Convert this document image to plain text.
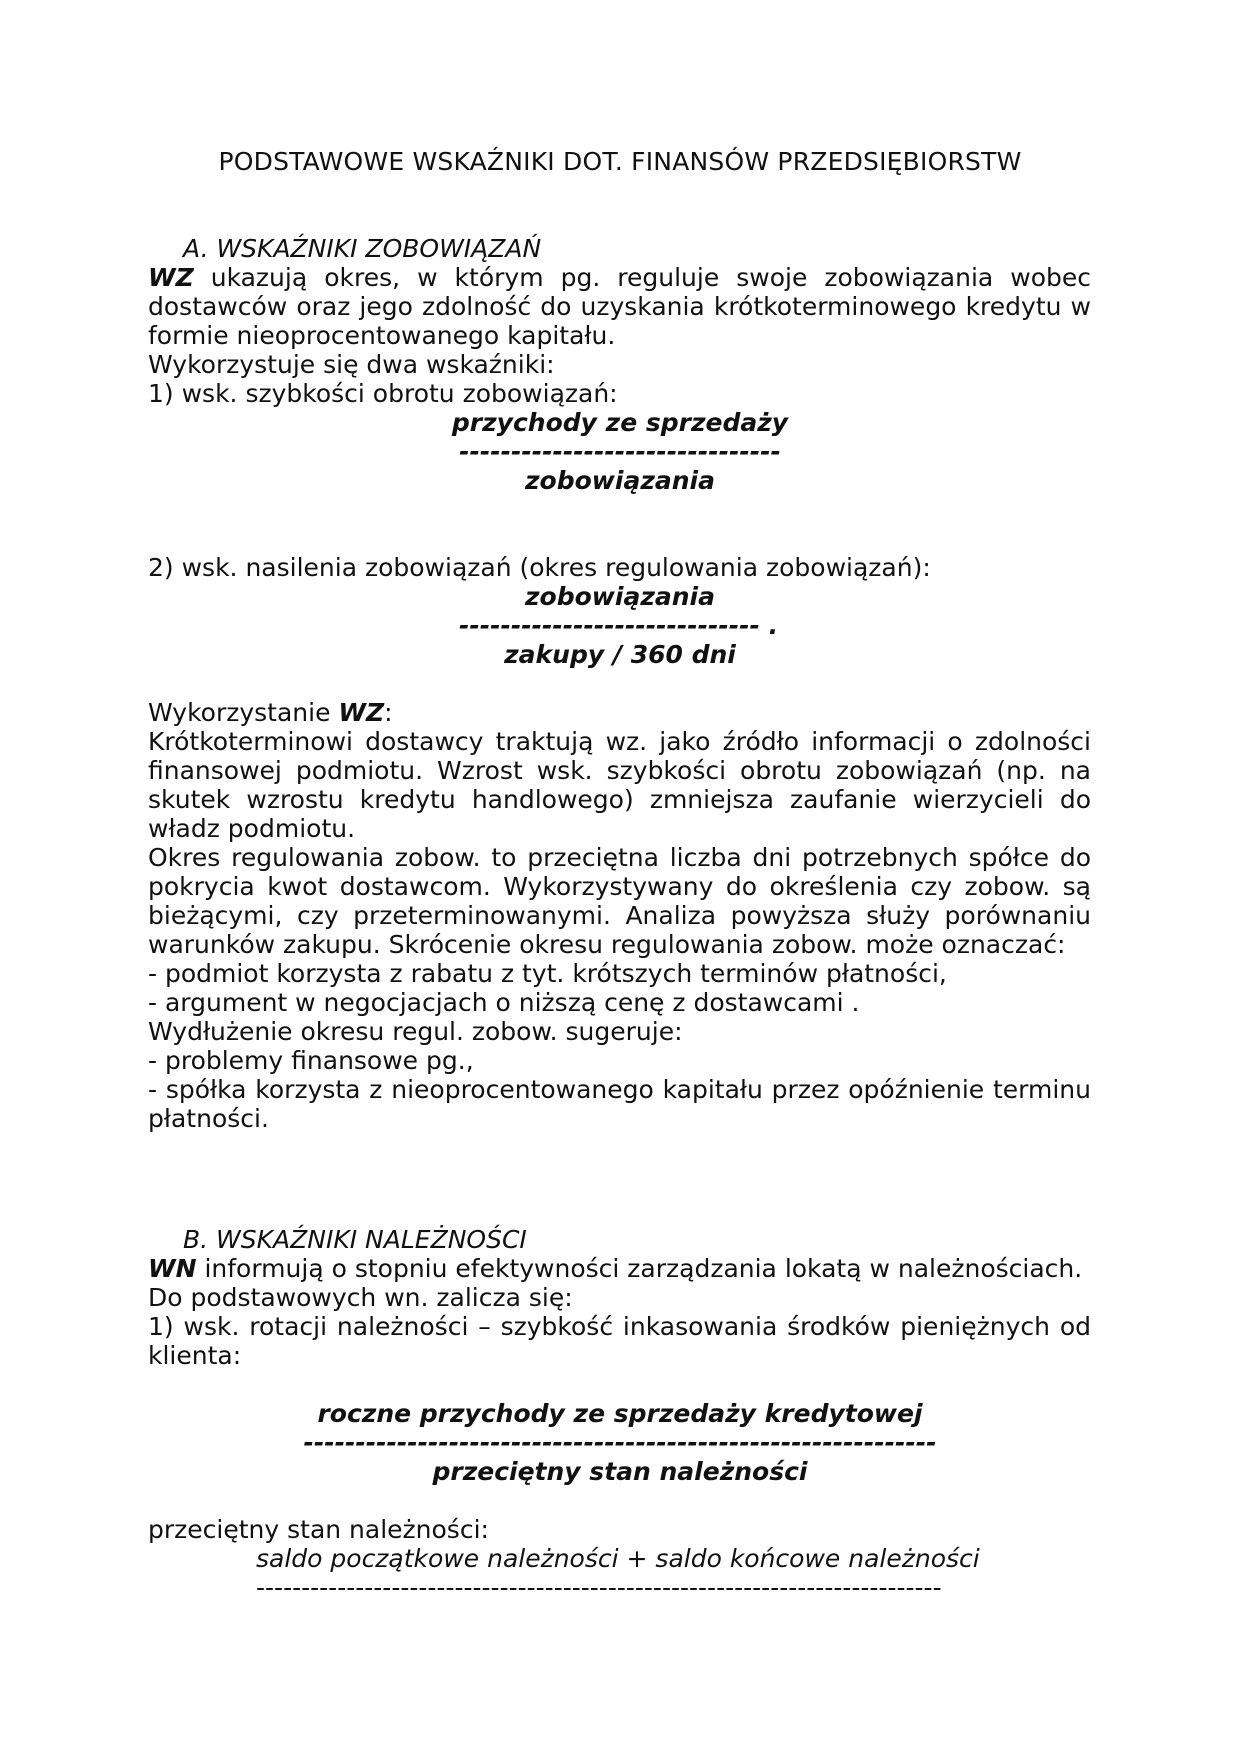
PODSTAWOWE WSKAŹNIKI DOT. FINANSÓW PRZEDSIĘBIORSTW
A. WSKAŹNIKI ZOBOWIĄZAŃ
WZ ukazują okres, w którym pg. reguluje swoje zobowiązania wobec
dostawców oraz jego zdolność do uzyskania krótkoterminowego kredytu w
formie nieoprocentowanego kapitału.
Wykorzystuje się dwa wskaźniki:
1) wsk. szybkości obrotu zobowiązań:
przychody ze sprzedaży
-------------------------------
zobowiązania
2) wsk. nasilenia zobowiązań (okres regulowania zobowiązań):
zobowiązania
----------------------------- .
zakupy / 360 dni
Wykorzystanie WZ:
Krótkoterminowi dostawcy traktują wz. jako źródło informacji o zdolności
finansowej podmiotu. Wzrost wsk. szybkości obrotu zobowiązań (np. na
skutek wzrostu kredytu handlowego) zmniejsza zaufanie wierzycieli do
władz podmiotu.
Okres regulowania zobow. to przeciętna liczba dni potrzebnych spółce do
pokrycia kwot dostawcom. Wykorzystywany do określenia czy zobow. są
bieżącymi, czy przeterminowanymi. Analiza powyższa służy porównaniu
warunków zakupu. Skrócenie okresu regulowania zobow. może oznaczać:
- podmiot korzysta z rabatu z tyt. krótszych terminów płatności,
- argument w negocjacjach o niższą cenę z dostawcami .
Wydłużenie okresu regul. zobow. sugeruje:
- problemy finansowe pg.,
- spółka korzysta z nieoprocentowanego kapitału przez opóźnienie terminu
płatności.
B. WSKAŹNIKI NALEŻNOŚCI
WN informują o stopniu efektywności zarządzania lokatą w należnościach.
Do podstawowych wn. zalicza się:
1) wsk. rotacji należności – szybkość inkasowania środków pieniężnych od
klienta:
roczne przychody ze sprzedaży kredytowej
-------------------------------------------------------------
przeciętny stan należności
przeciętny stan należności:
saldo początkowe należności + saldo końcowe należności
----------------------------------------------------------------------------
